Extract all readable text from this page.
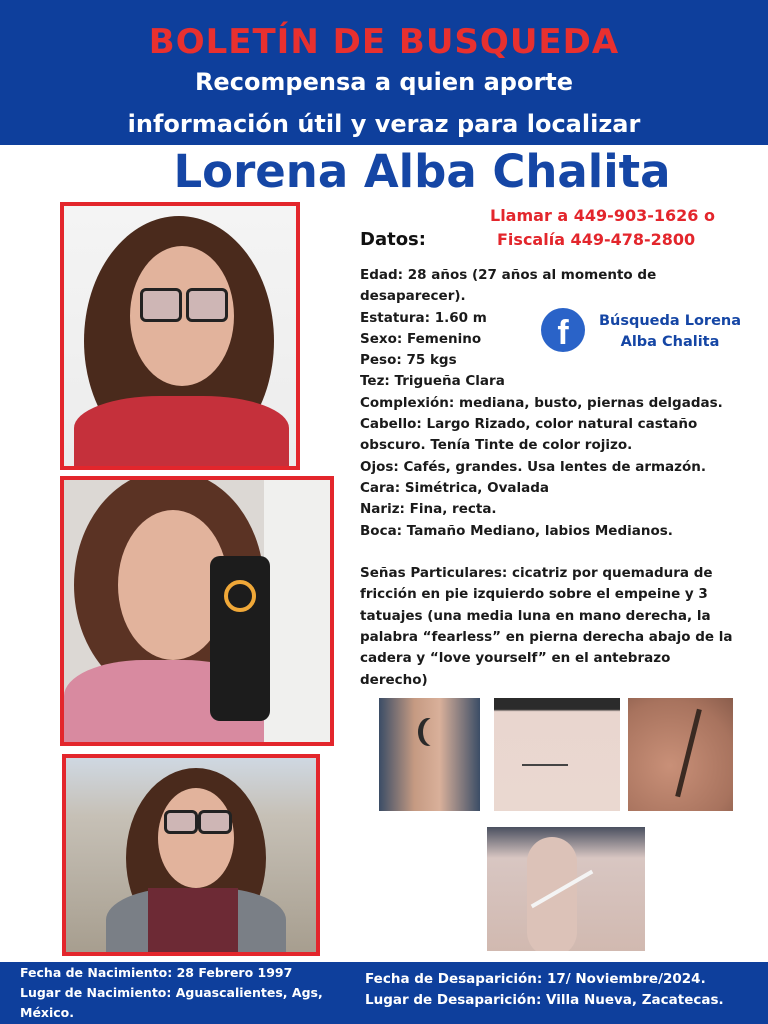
BOLETÍN DE BUSQUEDA
Recompensa a quien aporte
información útil y veraz para localizar
Lorena Alba Chalita
Llamar a 449-903-1626 o
Fiscalía 449-478-2800
Datos:
f	Búsqueda Lorena
Alba Chalita
Edad: 28 años (27 años al momento de
desaparecer).
Estatura: 1.60 m
Sexo: Femenino
Peso: 75 kgs
Tez: Trigueña Clara
Complexión: mediana, busto, piernas delgadas.
Cabello: Largo Rizado, color natural castaño
obscuro. Tenía Tinte de color rojizo.
Ojos: Cafés, grandes. Usa lentes de armazón.
Cara: Simétrica, Ovalada
Nariz: Fina, recta.
Boca: Tamaño Mediano, labios Medianos.
Señas Particulares: cicatriz por quemadura de
fricción en pie izquierdo sobre el empeine y 3
tatuajes (una media luna en mano derecha, la
palabra “fearless” en pierna derecha abajo de la
cadera y “love yourself” en el antebrazo
derecho)
Fecha de Nacimiento: 28 Febrero 1997
Lugar de Nacimiento: Aguascalientes, Ags,
México.
Fecha de Desaparición: 17/ Noviembre/2024.
Lugar de Desaparición: Villa Nueva, Zacatecas.
